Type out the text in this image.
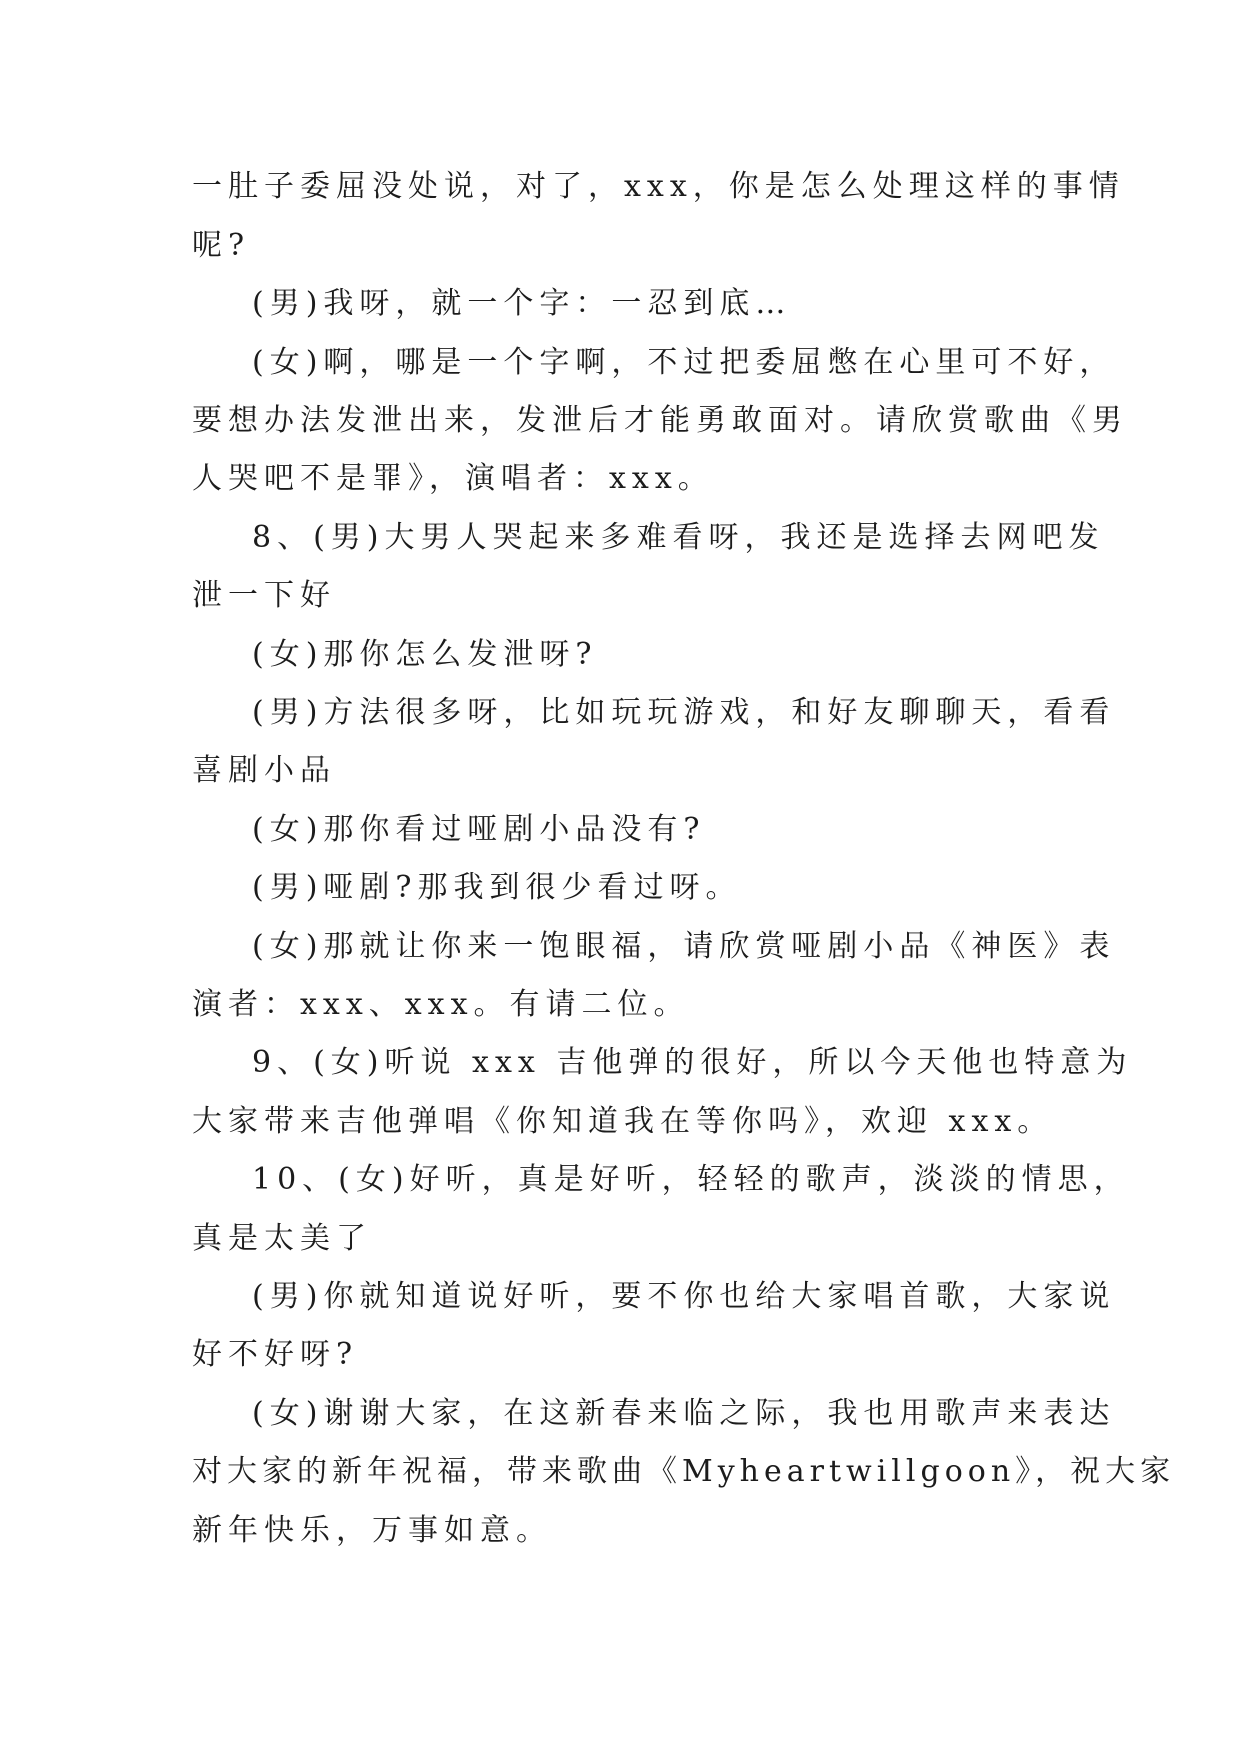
一肚子委屈没处说，对了，xxx，你是怎么处理这样的事情

呢?

(男)我呀，就一个字：一忍到底…

(女)啊，哪是一个字啊，不过把委屈憋在心里可不好，

要想办法发泄出来，发泄后才能勇敢面对。请欣赏歌曲《男

人哭吧不是罪》，演唱者：xxx。

8、(男)大男人哭起来多难看呀，我还是选择去网吧发

泄一下好

(女)那你怎么发泄呀?

(男)方法很多呀，比如玩玩游戏，和好友聊聊天，看看

喜剧小品

(女)那你看过哑剧小品没有?

(男)哑剧?那我到很少看过呀。

(女)那就让你来一饱眼福，请欣赏哑剧小品《神医》表

演者：xxx、xxx。有请二位。

9、(女)听说 xxx 吉他弹的很好，所以今天他也特意为

大家带来吉他弹唱《你知道我在等你吗》，欢迎 xxx。

10、(女)好听，真是好听，轻轻的歌声，淡淡的情思，

真是太美了

(男)你就知道说好听，要不你也给大家唱首歌，大家说

好不好呀?

(女)谢谢大家，在这新春来临之际，我也用歌声来表达

对大家的新年祝福，带来歌曲《Myheartwillgoon》，祝大家

新年快乐，万事如意。
